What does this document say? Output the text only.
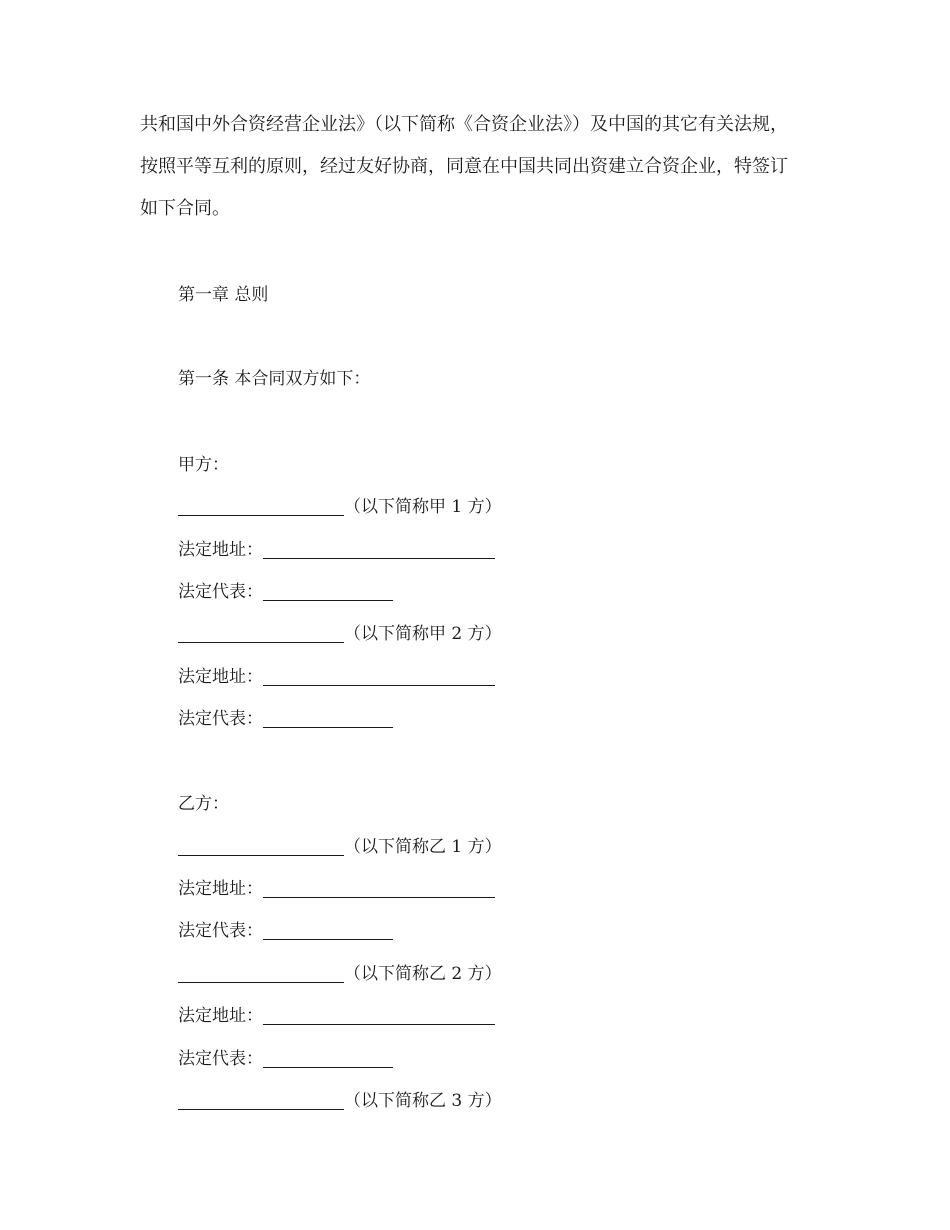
共和国中外合资经营企业法》（以下简称《合资企业法》）及中国的其它有关法规，
按照平等互利的原则，经过友好协商，同意在中国共同出资建立合资企业，特签订
如下合同。
第一章 总则
第一条 本合同双方如下：
甲方：
（以下简称甲 1 方）
法定地址：
法定代表：
（以下简称甲 2 方）
法定地址：
法定代表：
乙方：
（以下简称乙 1 方）
法定地址：
法定代表：
（以下简称乙 2 方）
法定地址：
法定代表：
（以下简称乙 3 方）
